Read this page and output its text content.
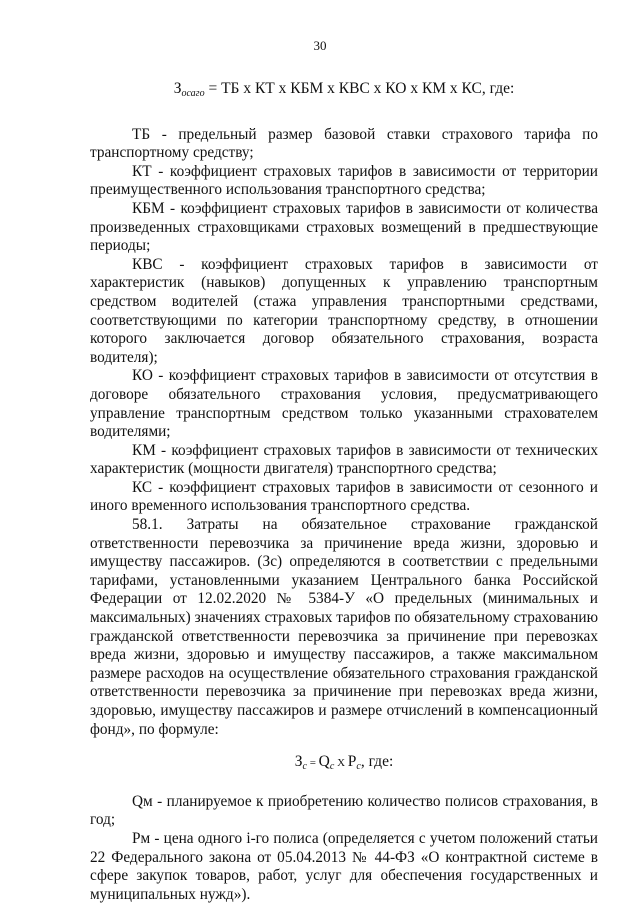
30
$З_{осаго}$ = ТБ х КТ х КБМ х КВС х КО х КМ х КС, где:

ТБ - предельный размер базовой ставки страхового тарифа по транспортному средству;

КТ - коэффициент страховых тарифов в зависимости от территории преимущественного использования транспортного средства;

КБМ - коэффициент страховых тарифов в зависимости от количества произведенных страховщиками страховых возмещений в предшествующие периоды;

КВС - коэффициент страховых тарифов в зависимости от характеристик (навыков) допущенных к управлению транспортным средством водителей (стажа управления транспортными средствами, соответствующими по категории транспортному средству, в отношении которого заключается договор обязательного страхования, возраста водителя);

КО - коэффициент страховых тарифов в зависимости от отсутствия в договоре обязательного страхования условия, предусматривающего управление транспортным средством только указанными страхователем водителями;

КМ - коэффициент страховых тарифов в зависимости от технических характеристик (мощности двигателя) транспортного средства;

КС - коэффициент страховых тарифов в зависимости от сезонного и иного временного использования транспортного средства.

58.1. Затраты на обязательное страхование гражданской ответственности перевозчика за причинение вреда жизни, здоровью и имуществу пассажиров. (Зс) определяются в соответствии с предельными тарифами, установленными указанием Центрального банка Российской Федерации от 12.02.2020 № 5384-У «О предельных (минимальных и максимальных) значениях страховых тарифов по обязательному страхованию гражданской ответственности перевозчика за причинение при перевозках вреда жизни, здоровью и имуществу пассажиров, а также максимальном размере расходов на осуществление обязательного страхования гражданской ответственности перевозчика за причинение при перевозках вреда жизни, здоровью, имуществу пассажиров и размере отчислений в компенсационный фонд», по формуле:

$З_с = Q_с$ X $P_с$, где:

Qм - планируемое к приобретению количество полисов страхования, в год;

Рм - цена одного i-го полиса (определяется с учетом положений статьи 22 Федерального закона от 05.04.2013 № 44-ФЗ «О контрактной системе в сфере закупок товаров, работ, услуг для обеспечения государственных и муниципальных нужд»).
